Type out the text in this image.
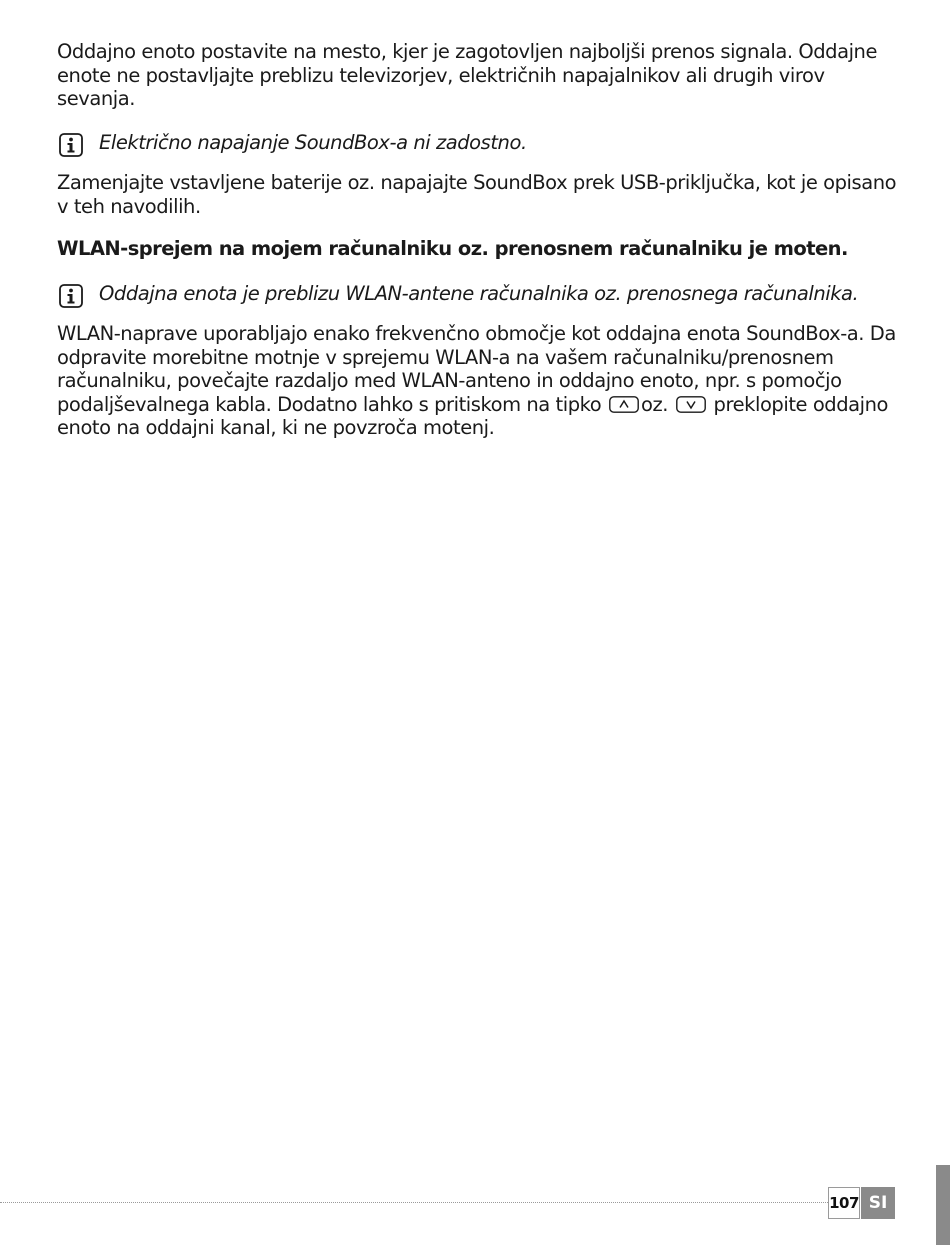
Oddajno enoto postavite na mesto, kjer je zagotovljen najboljši prenos signala. Oddajne enote ne postavljajte preblizu televizorjev, električnih napajalnikov ali drugih virov sevanja.

Električno napajanje SoundBox-a ni zadostno.

Zamenjajte vstavljene baterije oz. napajajte SoundBox prek USB-priključka, kot je opisano v teh navodilih.

WLAN-sprejem na mojem računalniku oz. prenosnem računalniku je moten.

Oddajna enota je preblizu WLAN-antene računalnika oz. prenosnega računalnika.

WLAN-naprave uporabljajo enako frekvenčno območje kot oddajna enota SoundBox-a. Da odpravite morebitne motnje v sprejemu WLAN-a na vašem računalniku/prenosnem računalniku, povečajte razdaljo med WLAN-anteno in oddajno enoto, npr. s pomočjo podaljševalnega kabla. Dodatno lahko s pritiskom na tipko oz. preklopite oddajno enoto na oddajni kanal, ki ne povzroča motenj.

107 SI
